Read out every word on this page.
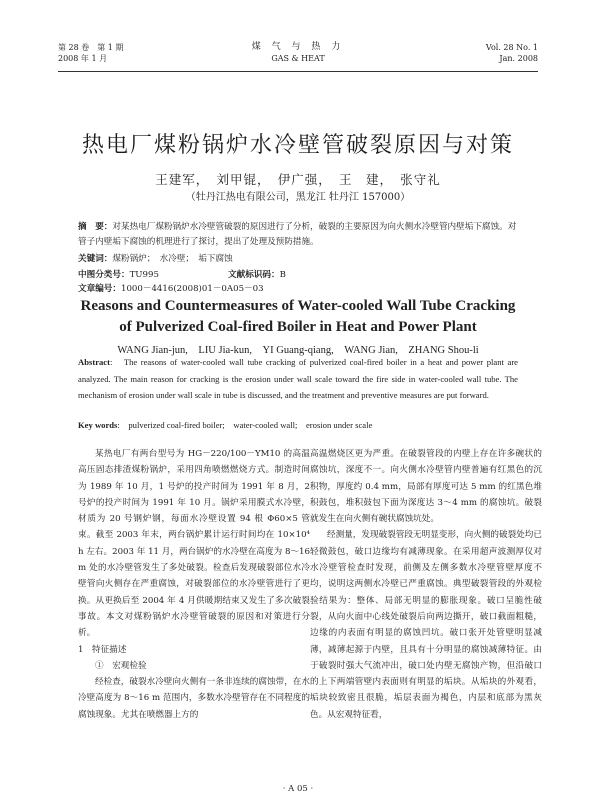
第 28 卷　第 1 期
2008 年 1 月
煤 气 与 热 力
GAS & HEAT
Vol. 28 No. 1
Jan. 2008
热电厂煤粉锅炉水冷壁管破裂原因与对策
王建军，　刘甲锟，　伊广强，　王　建，　张守礼
（牡丹江热电有限公司，黑龙江 牡丹江 157000）
摘　要：对某热电厂煤粉锅炉水冷壁管破裂的原因进行了分析，破裂的主要原因为向火侧水冷壁管内壁垢下腐蚀。对管子内壁垢下腐蚀的机理进行了探讨，提出了处理及预防措施。
关键词：煤粉锅炉；　水冷壁；　垢下腐蚀
中图分类号：TU995	文献标识码：B文章编号：1000－4416(2008)01－0A05－03
Reasons and Countermeasures of Water-cooled Wall Tube Cracking
of Pulverized Coal-fired Boiler in Heat and Power Plant
WANG Jian-jun,　LIU Jia-kun,　YI Guang-qiang,　WANG Jian,　ZHANG Shou-li
Abstract:　The reasons of water-cooled wall tube cracking of pulverized coal-fired boiler in a heat and power plant are analyzed. The main reason for cracking is the erosion under wall scale toward the fire side in water-cooled wall tube. The mechanism of erosion under wall scale in tube is discussed, and the treatment and preventive measures are put forward.
Key words:　pulverized coal-fired boiler;　water-cooled wall;　erosion under scale

某热电厂有两台型号为 HG－220/100－YM10 的高温高压固态排渣煤粉锅炉，采用四角喷燃燃烧方式。制造时间为 1989 年 10 月，1 号炉的投产时间为 1991 年 8 月，2 号炉的投产时间为 1991 年 10 月。锅炉采用膜式水冷壁，材质为 20 号钢炉钢，每面水冷壁设置 94 根 Φ60×5 管束。截至 2003 年末，两台锅炉累计运行时间均在 10×10⁴ h 左右。2003 年 11 月，两台锅炉的水冷壁在高度为 8～16 m 处的水冷壁管发生了多处破裂。检查后发现破裂部位水冷壁管向火侧存在严重腐蚀，对破裂部位的水冷壁管进行了更换。从更换后至 2004 年 4 月供暖期结束又发生了多次破裂事故。本文对煤粉锅炉水冷壁管破裂的原因和对策进行分析。

1　特征描述

①　宏观检验

经检查，破裂水冷壁向火侧有一条非连续的腐蚀带，在水冷壁高度为 8～16 m 范围内，多数水冷壁管存在不同程度的腐蚀现象。尤其在喷燃器上方的

高温燃烧区更为严重。在破裂管段的内壁上存在许多碗状的腐蚀坑，深度不一。向火侧水冷壁管内壁普遍有红黑色的沉积物，厚度约 0.4 mm，局部有厚度可达 5 mm 的红黑色堆积鼓包，堆积鼓包下面为深度达 3～4 mm 的腐蚀坑。破裂就发生在向火侧有碗状腐蚀坑处。

经测量，发现破裂管段无明显变形，向火侧的破裂处均已轻微鼓包，破口边缘均有减薄现象。在采用超声波测厚仪对水冷壁管检查时发现，前侧及左侧多数水冷壁管壁厚度不均，说明这两侧水冷壁已严重腐蚀。典型破裂管段的外观检验结果为：整体、局部无明显的膨胀现象。破口呈脆性破裂，从向火面中心线处破裂后向两边撕开，破口截面粗糙，边缘的内表面有明显的腐蚀凹坑。破口张开处管壁明显减薄，减薄起源于内壁，且具有十分明显的腐蚀减薄特征。由于破裂时强大气流冲出，破口处内壁无腐蚀产物，但沿破口的上下两端管壁内表面则有明显的垢块。从垢块的外观看，垢块较致密且很脆，垢层表面为褐色，内层和底部为黑灰色。从宏观特征看，

· A 05 ·
